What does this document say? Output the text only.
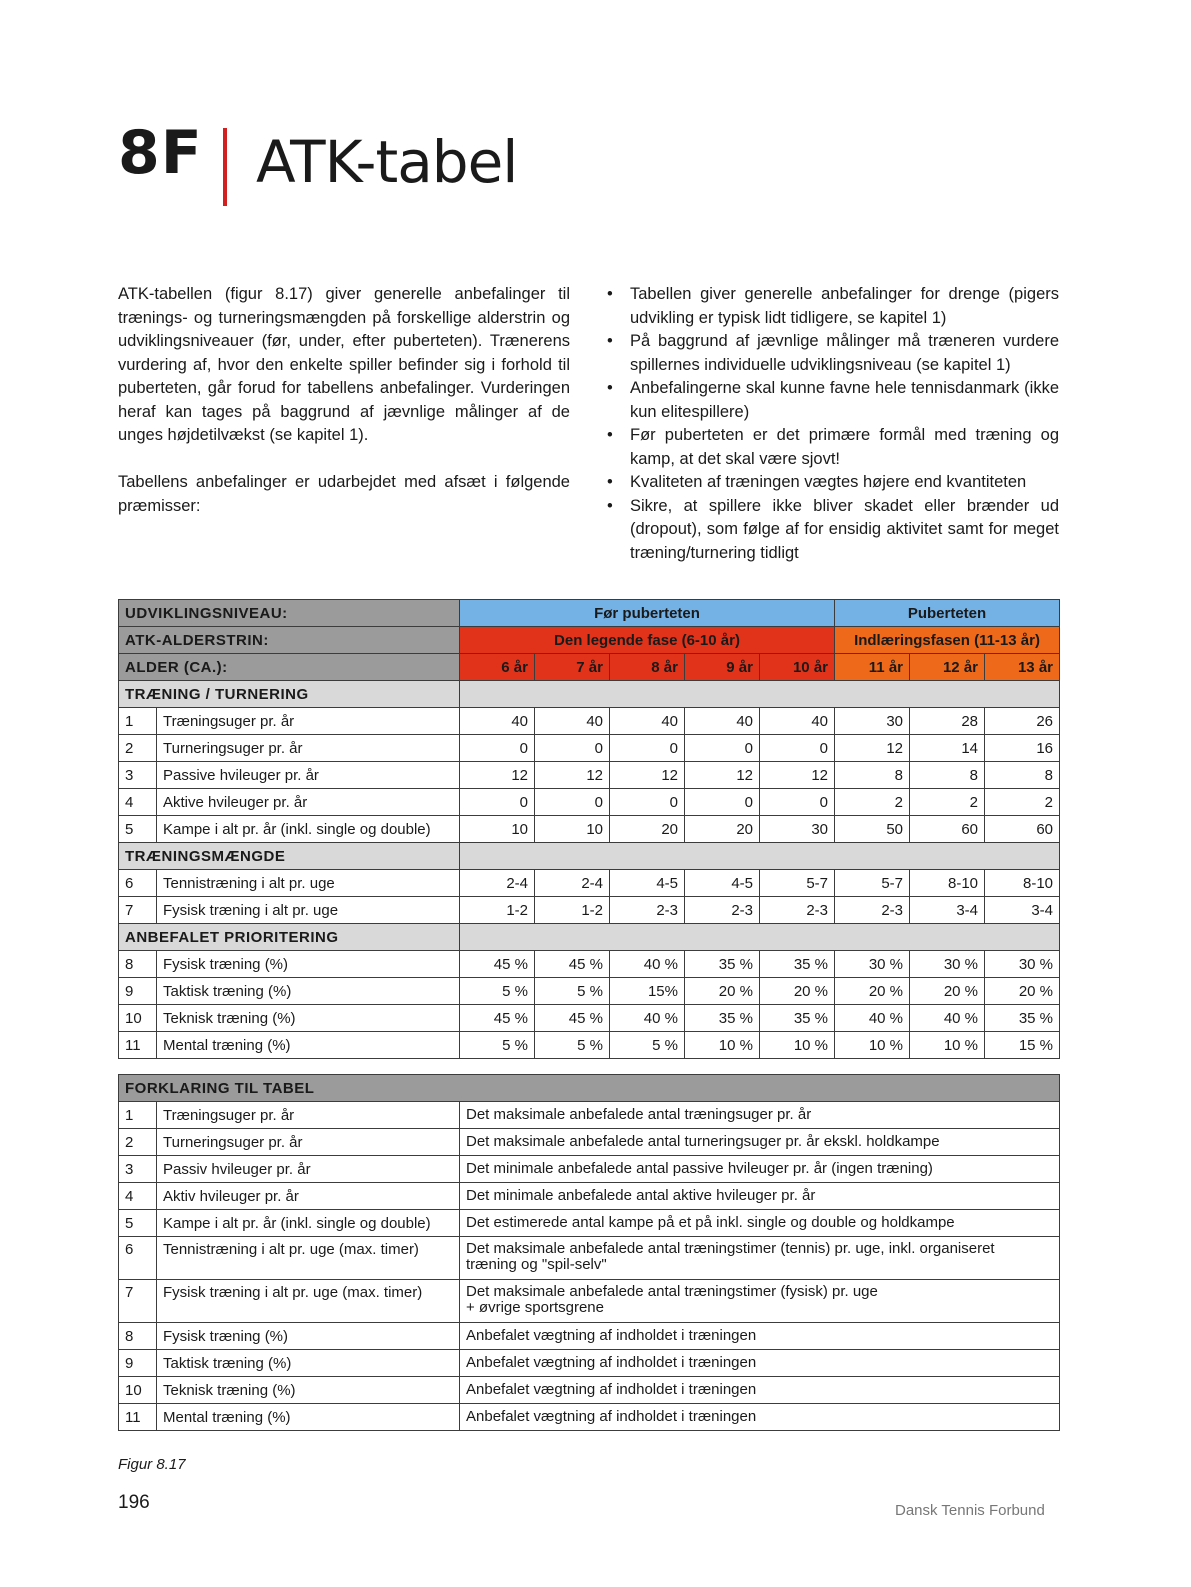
8F ATK-tabel

ATK-tabellen (figur 8.17) giver generelle anbefalinger til trænings- og turneringsmængden på forskellige alderstrin og udviklingsniveauer (før, under, efter puberteten). Trænerens vurdering af, hvor den enkelte spiller befinder sig i forhold til puberteten, går forud for tabellens anbefalinger. Vurderingen heraf kan tages på baggrund af jævnlige målinger af de unges højdetilvækst (se kapitel 1).

Tabellens anbefalinger er udarbejdet med afsæt i følgende præmisser:

• Tabellen giver generelle anbefalinger for drenge (pigers udvikling er typisk lidt tidligere, se kapitel 1)
• På baggrund af jævnlige målinger må træneren vurdere spillernes individuelle udviklingsniveau (se kapitel 1)
• Anbefalingerne skal kunne favne hele tennisdanmark (ikke kun elitespillere)
• Før puberteten er det primære formål med træning og kamp, at det skal være sjovt!
• Kvaliteten af træningen vægtes højere end kvantiteten
• Sikre, at spillere ikke bliver skadet eller brænder ud (dropout), som følge af for ensidig aktivitet samt for meget træning/turnering tidligt
UDVIKLINGSNIVEAU:		Før puberteten					Puberteten		
ATK-ALDERSTRIN:		Den legende fase (6-10 år)					Indlæringsfasen (11-13 år)		
ALDER (CA.):		6 år	7 år	8 år	9 år	10 år	11 år	12 år	13 år
TRÆNING / TURNERING									
1	Træningsuger pr. år	40	40	40	40	40	30	28	26
2	Turneringsuger pr. år	0	0	0	0	0	12	14	16
3	Passive hvileuger pr. år	12	12	12	12	12	8	8	8
4	Aktive hvileuger pr. år	0	0	0	0	0	2	2	2
5	Kampe i alt pr. år (inkl. single og double)	10	10	20	20	30	50	60	60
TRÆNINGSMÆNGDE									
6	Tennistræning i alt pr. uge	2-4	2-4	4-5	4-5	5-7	5-7	8-10	8-10
7	Fysisk træning i alt pr. uge	1-2	1-2	2-3	2-3	2-3	2-3	3-4	3-4
ANBEFALET PRIORITERING									
8	Fysisk træning (%)	45 %	45 %	40 %	35 %	35 %	30 %	30 %	30 %
9	Taktisk træning (%)	5 %	5 %	15%	20 %	20 %	20 %	20 %	20 %
10	Teknisk træning (%)	45 %	45 %	40 %	35 %	35 %	40 %	40 %	35 %
11	Mental træning (%)	5 %	5 %	5 %	10 %	10 %	10 %	10 %	15 %
FORKLARING TIL TABEL		
1	Træningsuger pr. år	Det maksimale anbefalede antal træningsuger pr. år

2	Turneringsuger pr. år	Det maksimale anbefalede antal turneringsuger pr. år ekskl. holdkampe

3	Passiv hvileuger pr. år	Det minimale anbefalede antal passive hvileuger pr. år (ingen træning)

4	Aktiv hvileuger pr. år	Det minimale anbefalede antal aktive hvileuger pr. år

5	Kampe i alt pr. år (inkl. single og double)	Det estimerede antal kampe på et på inkl. single og double og holdkampe

6	Tennistræning i alt pr. uge (max. timer)	Det maksimale anbefalede antal træningstimer (tennis) pr. uge, inkl. organiseret
træning og "spil-selv"

7	Fysisk træning i alt pr. uge (max. timer)	Det maksimale anbefalede antal træningstimer (fysisk) pr. uge
+ øvrige sportsgrene

8	Fysisk træning (%)	Anbefalet vægtning af indholdet i træningen

9	Taktisk træning (%)	Anbefalet vægtning af indholdet i træningen

10	Teknisk træning (%)	Anbefalet vægtning af indholdet i træningen

11	Mental træning (%)	Anbefalet vægtning af indholdet i træningen
Figur 8.17
196	Dansk Tennis Forbund
